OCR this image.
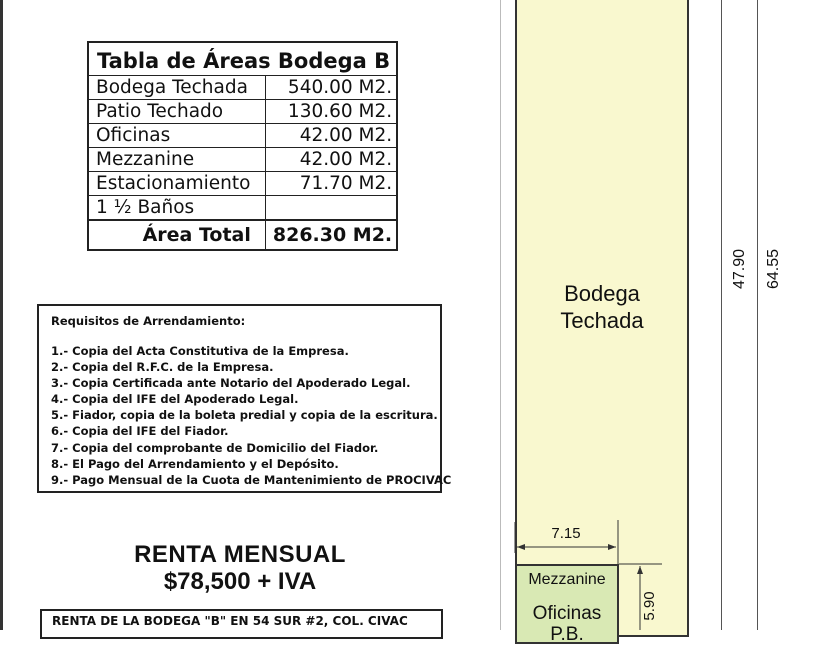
Tabla de Áreas Bodega B	
Bodega Techada	540.00 M2.
Patio Techado	130.60 M2.
Oficinas	42.00 M2.
Mezzanine	42.00 M2.
Estacionamiento	71.70 M2.
1 ½ Baños	
Área Total	826.30 M2.
Requisitos de Arrendamiento:
1.- Copia del Acta Constitutiva de la Empresa.
2.- Copia del R.F.C. de la Empresa.
3.- Copia Certificada ante Notario del Apoderado Legal.
4.- Copia del IFE del Apoderado Legal.
5.- Fiador, copia de la boleta predial y copia de la escritura.
6.- Copia del IFE del Fiador.
7.- Copia del comprobante de Domicilio del Fiador.
8.- El Pago del Arrendamiento y el Depósito.
9.- Pago Mensual de la Cuota de Mantenimiento de PROCIVAC
RENTA MENSUAL
$78,500 + IVA
RENTA DE LA BODEGA "B" EN 54 SUR #2, COL. CIVAC
Bodega
Techada
47.90 64.55
Mezzanine
Oficinas
P.B.
7.15
5.90
